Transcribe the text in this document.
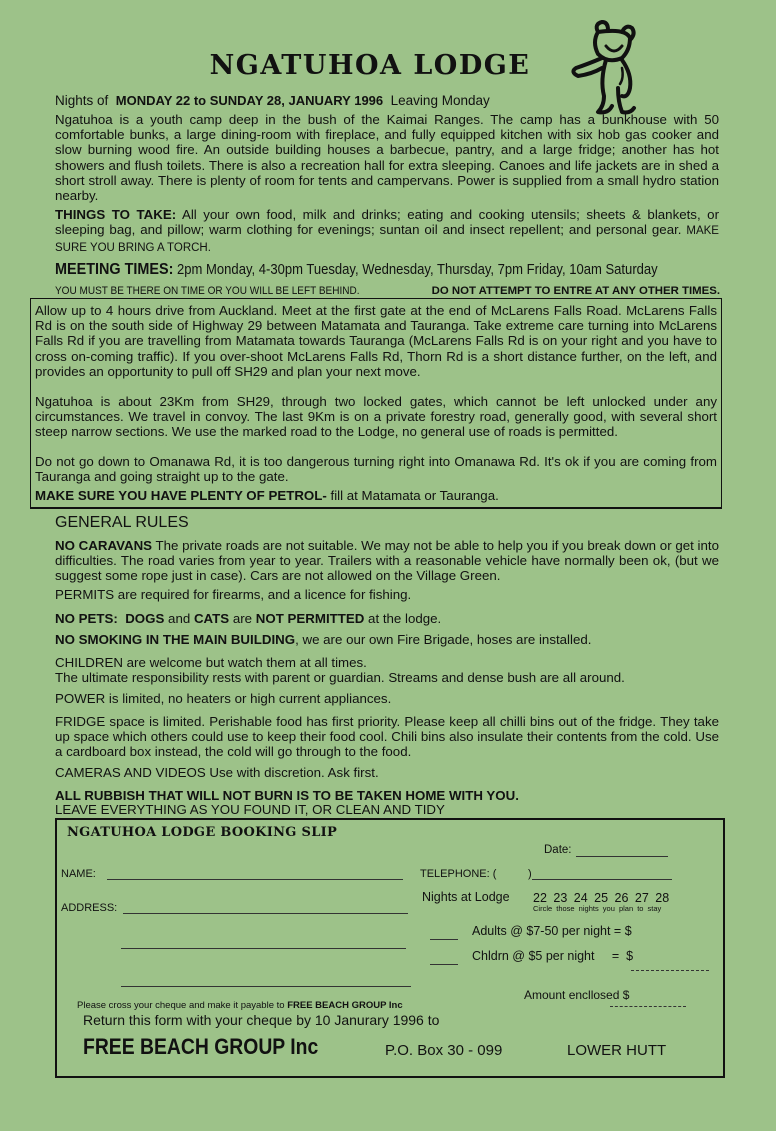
NGATUHOA LODGE
Nights of MONDAY 22 to SUNDAY 28, JANUARY 1996 Leaving Monday
Ngatuhoa is a youth camp deep in the bush of the Kaimai Ranges. The camp has a bunkhouse with 50 comfortable bunks, a large dining-room with fireplace, and fully equipped kitchen with six hob gas cooker and slow burning wood fire. An outside building houses a barbecue, pantry, and a large fridge; another has hot showers and flush toilets. There is also a recreation hall for extra sleeping. Canoes and life jackets are in shed a short stroll away. There is plenty of room for tents and campervans. Power is supplied from a small hydro station nearby.
THINGS TO TAKE: All your own food, milk and drinks; eating and cooking utensils; sheets & blankets, or sleeping bag, and pillow; warm clothing for evenings; suntan oil and insect repellent; and personal gear. MAKE SURE YOU BRING A TORCH.
MEETING TIMES: 2pm Monday, 4-30pm Tuesday, Wednesday, Thursday, 7pm Friday, 10am Saturday
YOU MUST BE THERE ON TIME OR YOU WILL BE LEFT BEHIND.	DO NOT ATTEMPT TO ENTRE AT ANY OTHER TIMES.
Allow up to 4 hours drive from Auckland. Meet at the first gate at the end of McLarens Falls Road. McLarens Falls Rd is on the south side of Highway 29 between Matamata and Tauranga. Take extreme care turning into McLarens Falls Rd if you are travelling from Matamata towards Tauranga (McLarens Falls Rd is on your right and you have to cross on-coming traffic). If you over-shoot McLarens Falls Rd, Thorn Rd is a short distance further, on the left, and provides an opportunity to pull off SH29 and plan your next move.
Ngatuhoa is about 23Km from SH29, through two locked gates, which cannot be left unlocked under any circumstances. We travel in convoy. The last 9Km is on a private forestry road, generally good, with several short steep narrow sections. We use the marked road to the Lodge, no general use of roads is permitted.
Do not go down to Omanawa Rd, it is too dangerous turning right into Omanawa Rd. It's ok if you are coming from Tauranga and going straight up to the gate.
MAKE SURE YOU HAVE PLENTY OF PETROL- fill at Matamata or Tauranga.
GENERAL RULES
NO CARAVANS The private roads are not suitable. We may not be able to help you if you break down or get into difficulties. The road varies from year to year. Trailers with a reasonable vehicle have normally been ok, (but we suggest some rope just in case). Cars are not allowed on the Village Green.
PERMITS are required for firearms, and a licence for fishing.
NO PETS: DOGS and CATS are NOT PERMITTED at the lodge.
NO SMOKING IN THE MAIN BUILDING, we are our own Fire Brigade, hoses are installed.
CHILDREN are welcome but watch them at all times.
The ultimate responsibility rests with parent or guardian. Streams and dense bush are all around.
POWER is limited, no heaters or high current appliances.
FRIDGE space is limited. Perishable food has first priority. Please keep all chilli bins out of the fridge. They take up space which others could use to keep their food cool. Chili bins also insulate their contents from the cold. Use a cardboard box instead, the cold will go through to the food.
CAMERAS AND VIDEOS Use with discretion. Ask first.
ALL RUBBISH THAT WILL NOT BURN IS TO BE TAKEN HOME WITH YOU.
LEAVE EVERYTHING AS YOU FOUND IT, OR CLEAN AND TIDY
NGATUHOA LODGE BOOKING SLIP
Date:
NAME:	TELEPHONE: (	)
ADDRESS:
Nights at Lodge 22 23 24 25 26 27 28
Circle those nights you plan to stay
Adults @ $7-50 per night = $
Chldrn @ $5 per night     =  $
Amount encllosed $
Please cross your cheque and make it payable to FREE BEACH GROUP Inc
Return this form with your cheque by 10 Janurary 1996 to
FREE BEACH GROUP Inc	P.O. Box 30 - 099	LOWER HUTT
